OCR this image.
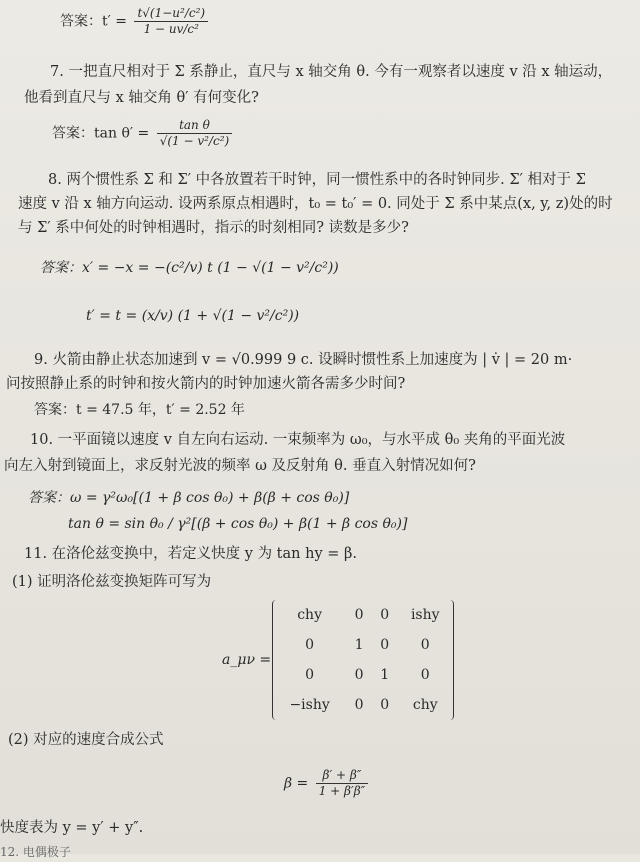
答案：$t' = \frac{\text{t√(1−u²/c²)}}{\text{1 − uv/c²}}$
7. 一把直尺相对于 Σ 系静止，直尺与 x 轴交角 θ. 今有一观察者以速度 v 沿 x 轴运动，
他看到直尺与 x 轴交角 θ′ 有何变化?
答案：$\tan \theta' = \frac{\text{tan θ}}{\text{√(1 − v²/c²)}}$
8. 两个惯性系 Σ 和 Σ′ 中各放置若干时钟，同一惯性系中的各时钟同步. Σ′ 相对于 Σ
速度 v 沿 x 轴方向运动. 设两系原点相遇时，t₀ = t₀′ = 0. 同处于 Σ 系中某点(x, y, z)处的时
与 Σ′ 系中何处的时钟相遇时，指示的时刻相同? 读数是多少?
答案：x′ = −x = −(c²/v) t (1 − √(1 − v²/c²))
t′ = t = (x/v) (1 + √(1 − v²/c²))
9. 火箭由静止状态加速到 v = √0.999 9 c. 设瞬时惯性系上加速度为 | v̇ | = 20 m·
问按照静止系的时钟和按火箭内的时钟加速火箭各需多少时间?
答案：t = 47.5 年，t′ = 2.52 年
10. 一平面镜以速度 v 自左向右运动. 一束频率为 ω₀，与水平成 θ₀ 夹角的平面光波
向左入射到镜面上，求反射光波的频率 ω 及反射角 θ. 垂直入射情况如何?
答案：ω = γ²ω₀[(1 + β cos θ₀) + β(β + cos θ₀)]
tan θ = sin θ₀ / γ²[(β + cos θ₀) + β(1 + β cos θ₀)]
11. 在洛伦兹变换中，若定义快度 y 为 tan hy = β.
(1) 证明洛伦兹变换矩阵可写为
a_μν =
chy	0	0	ishy
0	1	0	0
0	0	1	0
−ishy	0	0	chy
(2) 对应的速度合成公式
$\beta = \frac{\beta' + \beta''}{1 + \beta'\beta''}$
快度表为 y = y′ + y″.
12. 电偶极子
